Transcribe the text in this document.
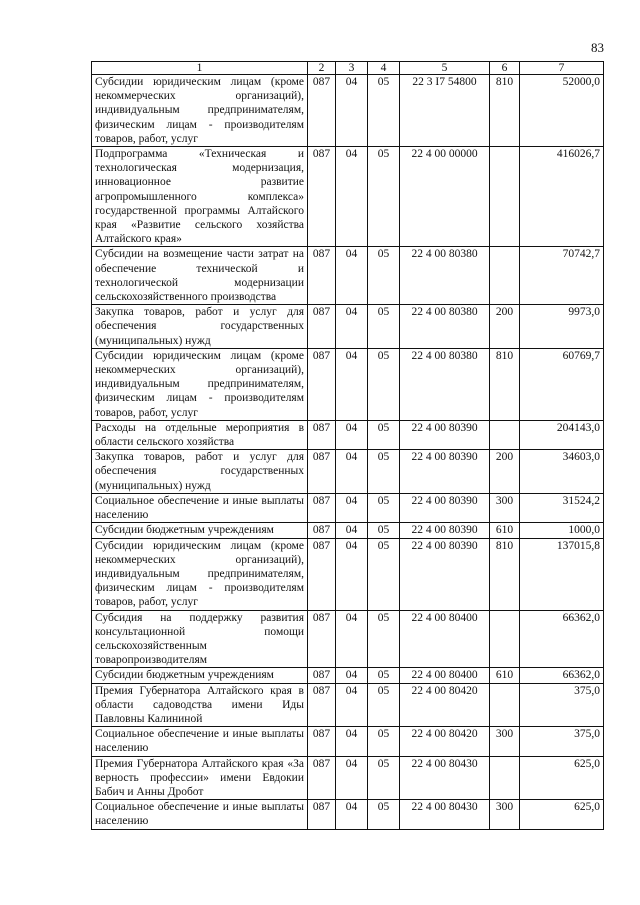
83
1	2	3	4	5	6	7
Субсидии юридическим лицам (кроме некоммерческих организаций), индивидуальным предпринимателям, физическим лицам - производителям товаров, работ, услуг	087	04	05	22 3 I7 54800	810	52000,0
Подпрограмма «Техническая и технологическая модернизация, инновационное развитие агропромышленного комплекса» государственной программы Алтайского края «Развитие сельского хозяйства Алтайского края»	087	04	05	22 4 00 00000		416026,7
Субсидии на возмещение части затрат на обеспечение технической и технологической модернизации сельскохозяйственного производства	087	04	05	22 4 00 80380		70742,7
Закупка товаров, работ и услуг для обеспечения государственных (муниципальных) нужд	087	04	05	22 4 00 80380	200	9973,0
Субсидии юридическим лицам (кроме некоммерческих организаций), индивидуальным предпринимателям, физическим лицам - производителям товаров, работ, услуг	087	04	05	22 4 00 80380	810	60769,7
Расходы на отдельные мероприятия в области сельского хозяйства	087	04	05	22 4 00 80390		204143,0
Закупка товаров, работ и услуг для обеспечения государственных (муниципальных) нужд	087	04	05	22 4 00 80390	200	34603,0
Социальное обеспечение и иные выплаты населению	087	04	05	22 4 00 80390	300	31524,2
Субсидии бюджетным учреждениям	087	04	05	22 4 00 80390	610	1000,0
Субсидии юридическим лицам (кроме некоммерческих организаций), индивидуальным предпринимателям, физическим лицам - производителям товаров, работ, услуг	087	04	05	22 4 00 80390	810	137015,8
Субсидия на поддержку развития консультационной помощи сельскохозяйственным товаропроизводителям	087	04	05	22 4 00 80400		66362,0
Субсидии бюджетным учреждениям	087	04	05	22 4 00 80400	610	66362,0
Премия Губернатора Алтайского края в области садоводства имени Иды Павловны Калининой	087	04	05	22 4 00 80420		375,0
Социальное обеспечение и иные выплаты населению	087	04	05	22 4 00 80420	300	375,0
Премия Губернатора Алтайского края «За верность профессии» имени Евдокии Бабич и Анны Дробот	087	04	05	22 4 00 80430		625,0
Социальное обеспечение и иные выплаты населению	087	04	05	22 4 00 80430	300	625,0
